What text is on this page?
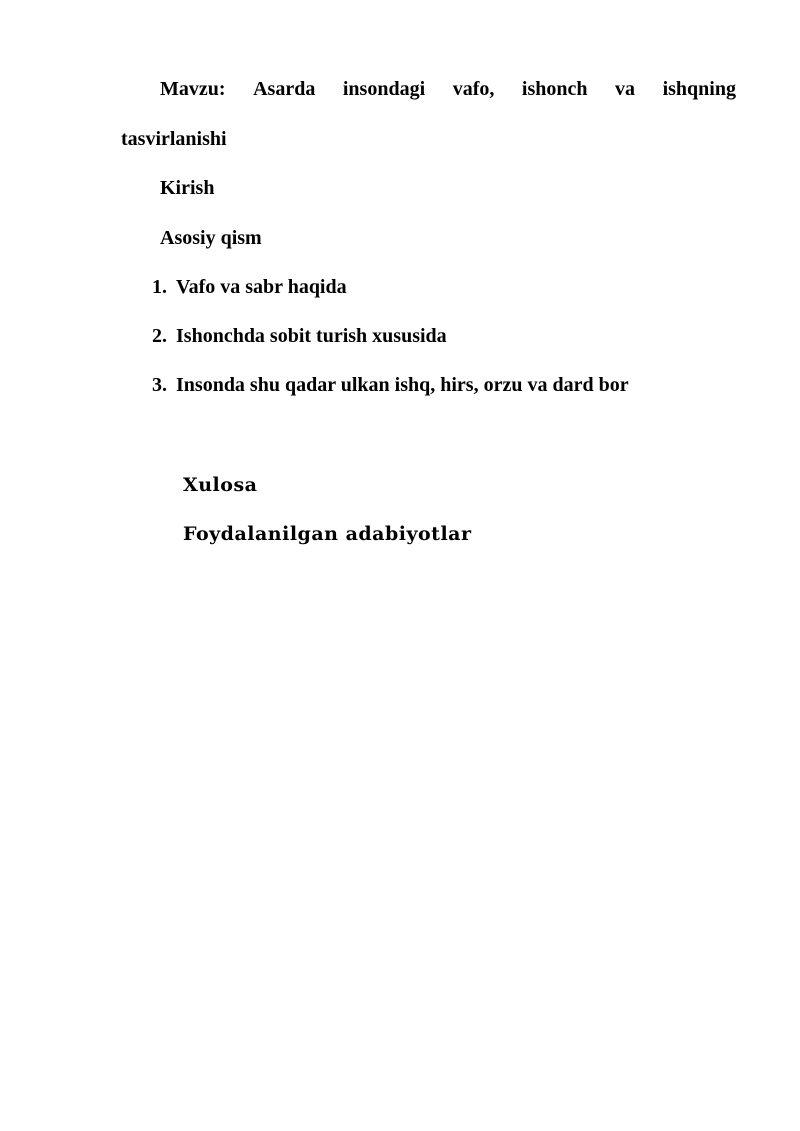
Mavzu: Asarda insondagi vafo, ishonch va ishqning
tasvirlanishi
Kirish
Asosiy qism
1. Vafo va sabr haqida
2. Ishonchda sobit turish xususida
3. Insonda shu qadar ulkan ishq, hirs, orzu va dard bor
Xulosa
Foydalanilgan adabiyotlar
